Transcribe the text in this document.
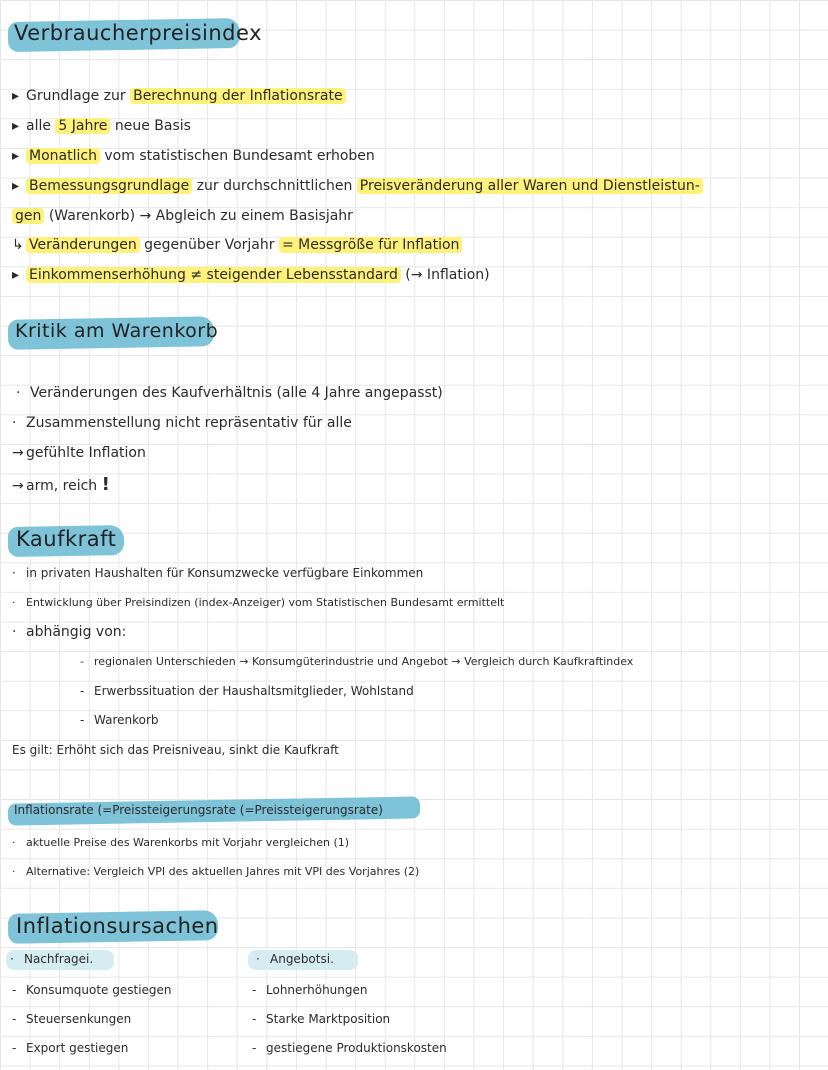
Verbraucherpreisindex
▸ Grundlage zur Berechnung der Inflationsrate
▸ alle 5 Jahre neue Basis
▸ Monatlich vom statistischen Bundesamt erhoben
▸ Bemessungsgrundlage zur durchschnittlichen Preisveränderung aller Waren und Dienstleistun-
gen (Warenkorb) → Abgleich zu einem Basisjahr
↳ Veränderungen gegenüber Vorjahr = Messgröße für Inflation
▸ Einkommenserhöhung ≠ steigender Lebensstandard (→ Inflation)
Kritik am Warenkorb
· Veränderungen des Kaufverhältnis (alle 4 Jahre angepasst)
· Zusammenstellung nicht repräsentativ für alle
→ gefühlte Inflation
→ arm, reich !
Kaufkraft
· in privaten Haushalten für Konsumzwecke verfügbare Einkommen
· Entwicklung über Preisindizen (index-Anzeiger) vom Statistischen Bundesamt ermittelt
· abhängig von:
- regionalen Unterschieden → Konsumgüterindustrie und Angebot → Vergleich durch Kaufkraftindex
- Erwerbssituation der Haushaltsmitglieder, Wohlstand
- Warenkorb
Es gilt: Erhöht sich das Preisniveau, sinkt die Kaufkraft
Inflationsrate (=Preissteigerungsrate (=Preissteigerungsrate)
· aktuelle Preise des Warenkorbs mit Vorjahr vergleichen (1)
· Alternative: Vergleich VPI des aktuellen Jahres mit VPI des Vorjahres (2)
Inflationsursachen
· Nachfragei.
- Konsumquote gestiegen
- Steuersenkungen
- Export gestiegen
· Angebotsi.
- Lohnerhöhungen
- Starke Marktposition
- gestiegene Produktionskosten
